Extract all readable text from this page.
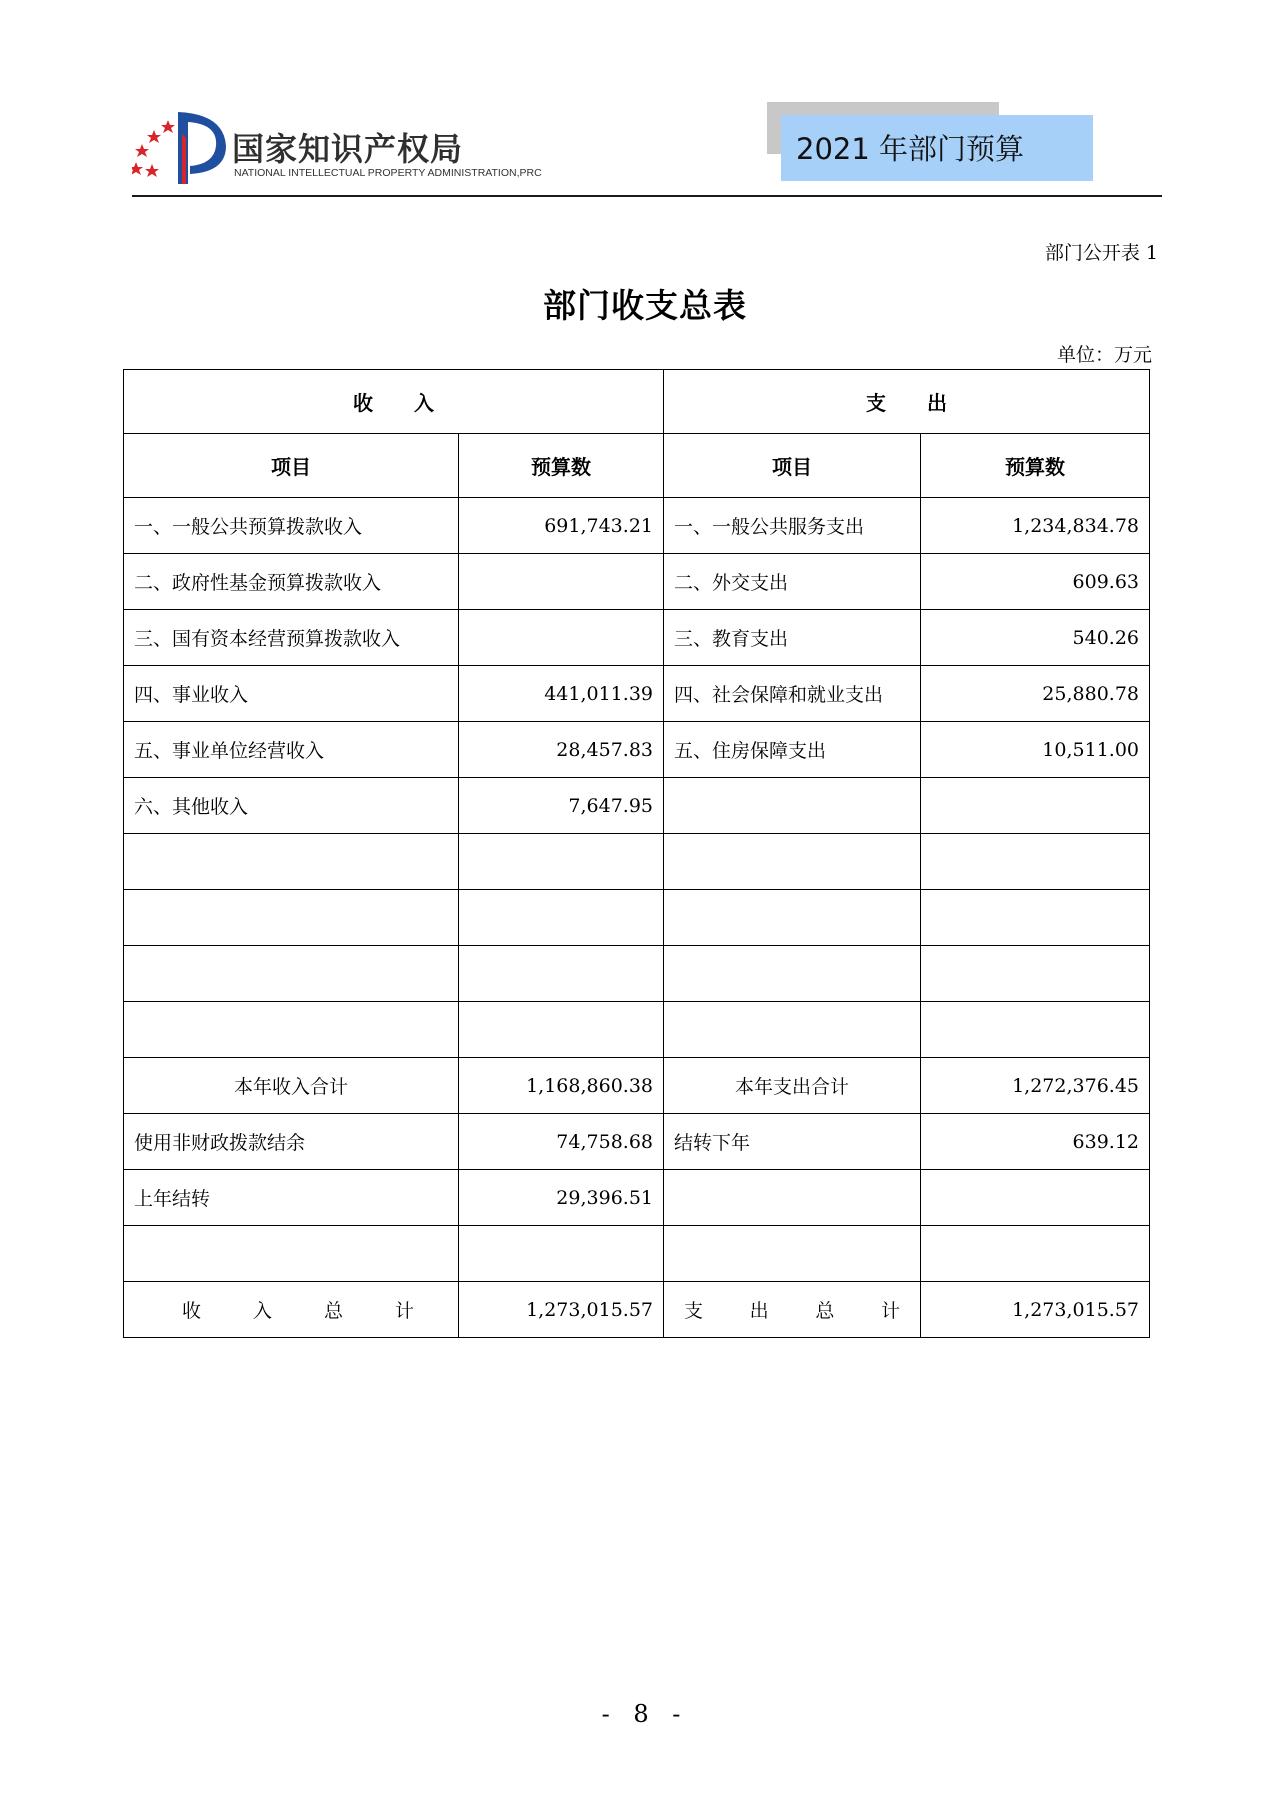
国家知识产权局
NATIONAL INTELLECTUAL PROPERTY ADMINISTRATION,PRC
2021 年部门预算
部门公开表 1
部门收支总表
单位：万元
收 入		支 出	
项目	预算数	项目	预算数
一、一般公共预算拨款收入	691,743.21	一、一般公共服务支出	1,234,834.78
二、政府性基金预算拨款收入		二、外交支出	609.63
三、国有资本经营预算拨款收入		三、教育支出	540.26
四、事业收入	441,011.39	四、社会保障和就业支出	25,880.78
五、事业单位经营收入	28,457.83	五、住房保障支出	10,511.00
六、其他收入	7,647.95		

本年收入合计	1,168,860.38	本年支出合计	1,272,376.45
使用非财政拨款结余	74,758.68	结转下年	639.12
上年结转	29,396.51		

收 入 总 计	1,273,015.57	支 出 总 计	1,273,015.57
- 8 -
